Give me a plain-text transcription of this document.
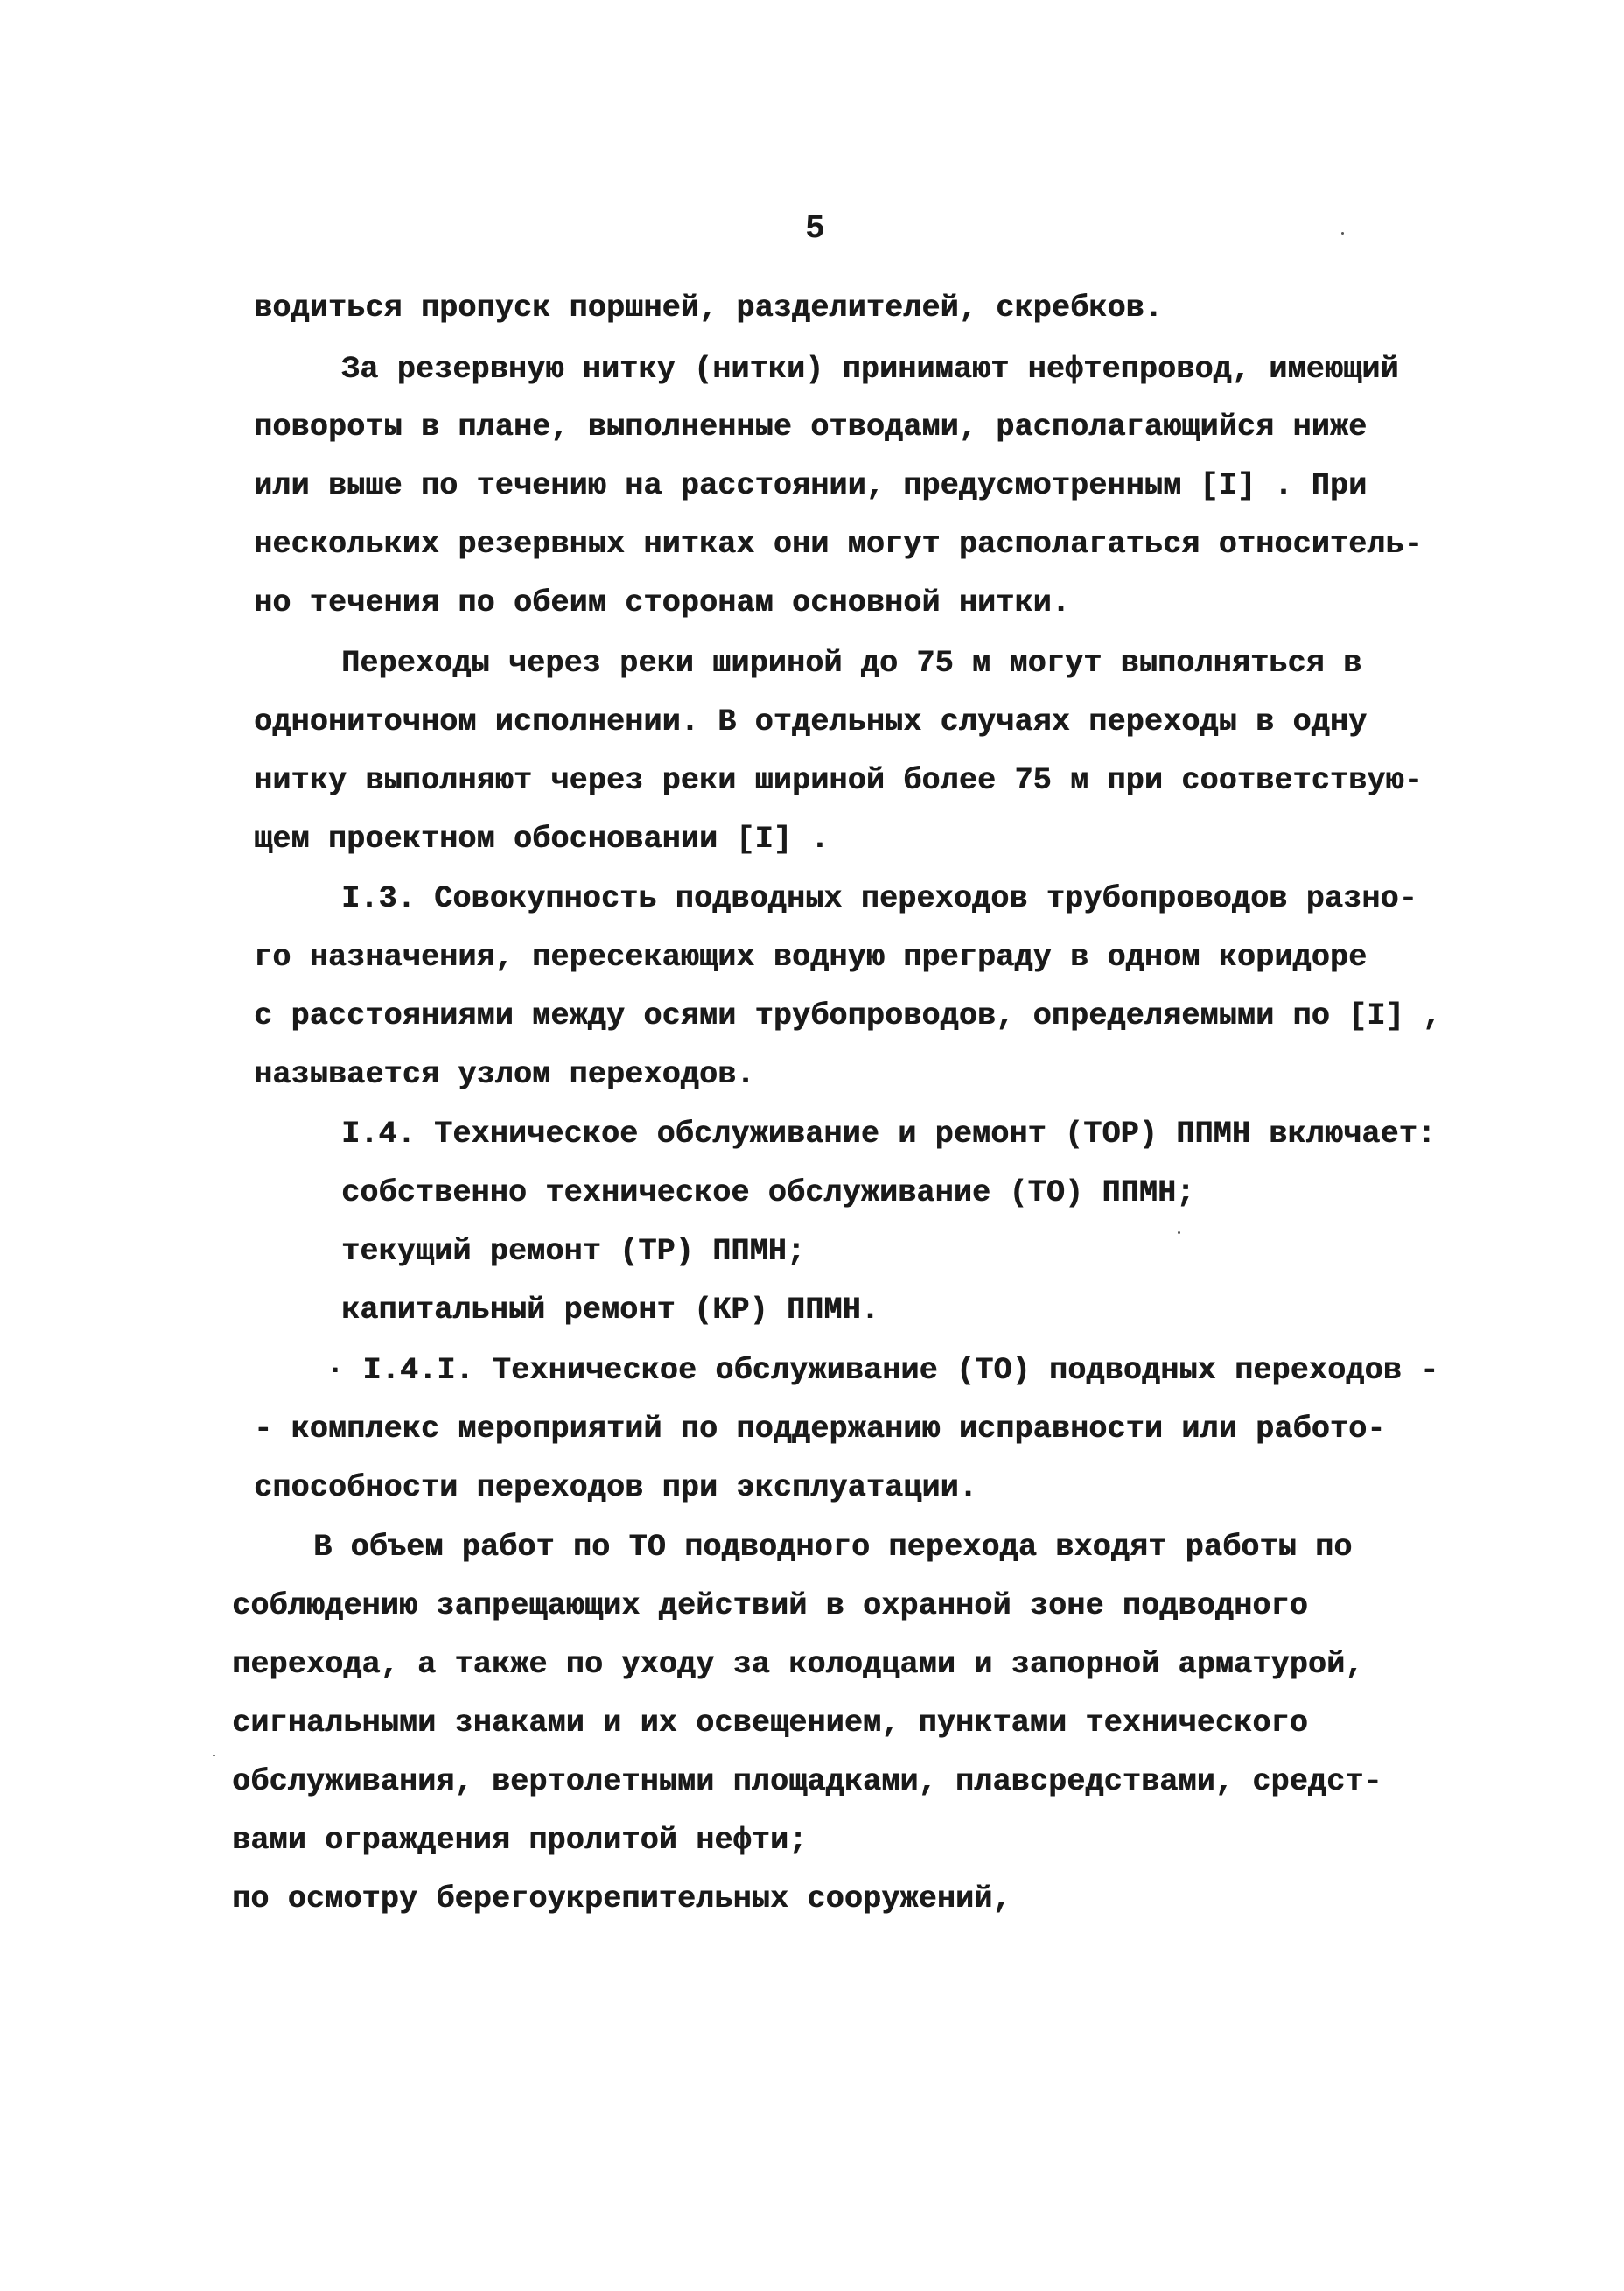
5
водиться пропуск поршней, разделителей, скребков.
За резервную нитку (нитки) принимают нефтепровод, имеющий
повороты в плане, выполненные отводами, располагающийся ниже
или выше по течению на расстоянии, предусмотренным [I] . При
нескольких резервных нитках они могут располагаться относитель-
но течения по обеим сторонам основной нитки.
Переходы через реки шириной до 75 м могут выполняться в
однониточном исполнении. В отдельных случаях переходы в одну
нитку выполняют через реки шириной более 75 м при соответствую-
щем проектном обосновании [I] .
I.3. Совокупность подводных переходов трубопроводов разно-
го назначения, пересекающих водную преграду в одном коридоре
с расстояниями между осями трубопроводов, определяемыми по [I] ,
называется узлом переходов.
I.4. Техническое обслуживание и ремонт (ТОР) ППМН включает:
собственно техническое обслуживание (ТО) ППМН;
текущий ремонт (ТР) ППМН;
капитальный ремонт (КР) ППМН.
· I.4.I. Техническое обслуживание (ТО) подводных переходов -
- комплекс мероприятий по поддержанию исправности или работо-
способности переходов при эксплуатации.
В объем работ по ТО подводного перехода входят работы по
соблюдению запрещающих действий в охранной зоне подводного
перехода, а также по уходу за колодцами и запорной арматурой,
сигнальными знаками и их освещением, пунктами технического
обслуживания, вертолетными площадками, плавсредствами, средст-
вами ограждения пролитой нефти;
по осмотру берегоукрепительных сооружений,
